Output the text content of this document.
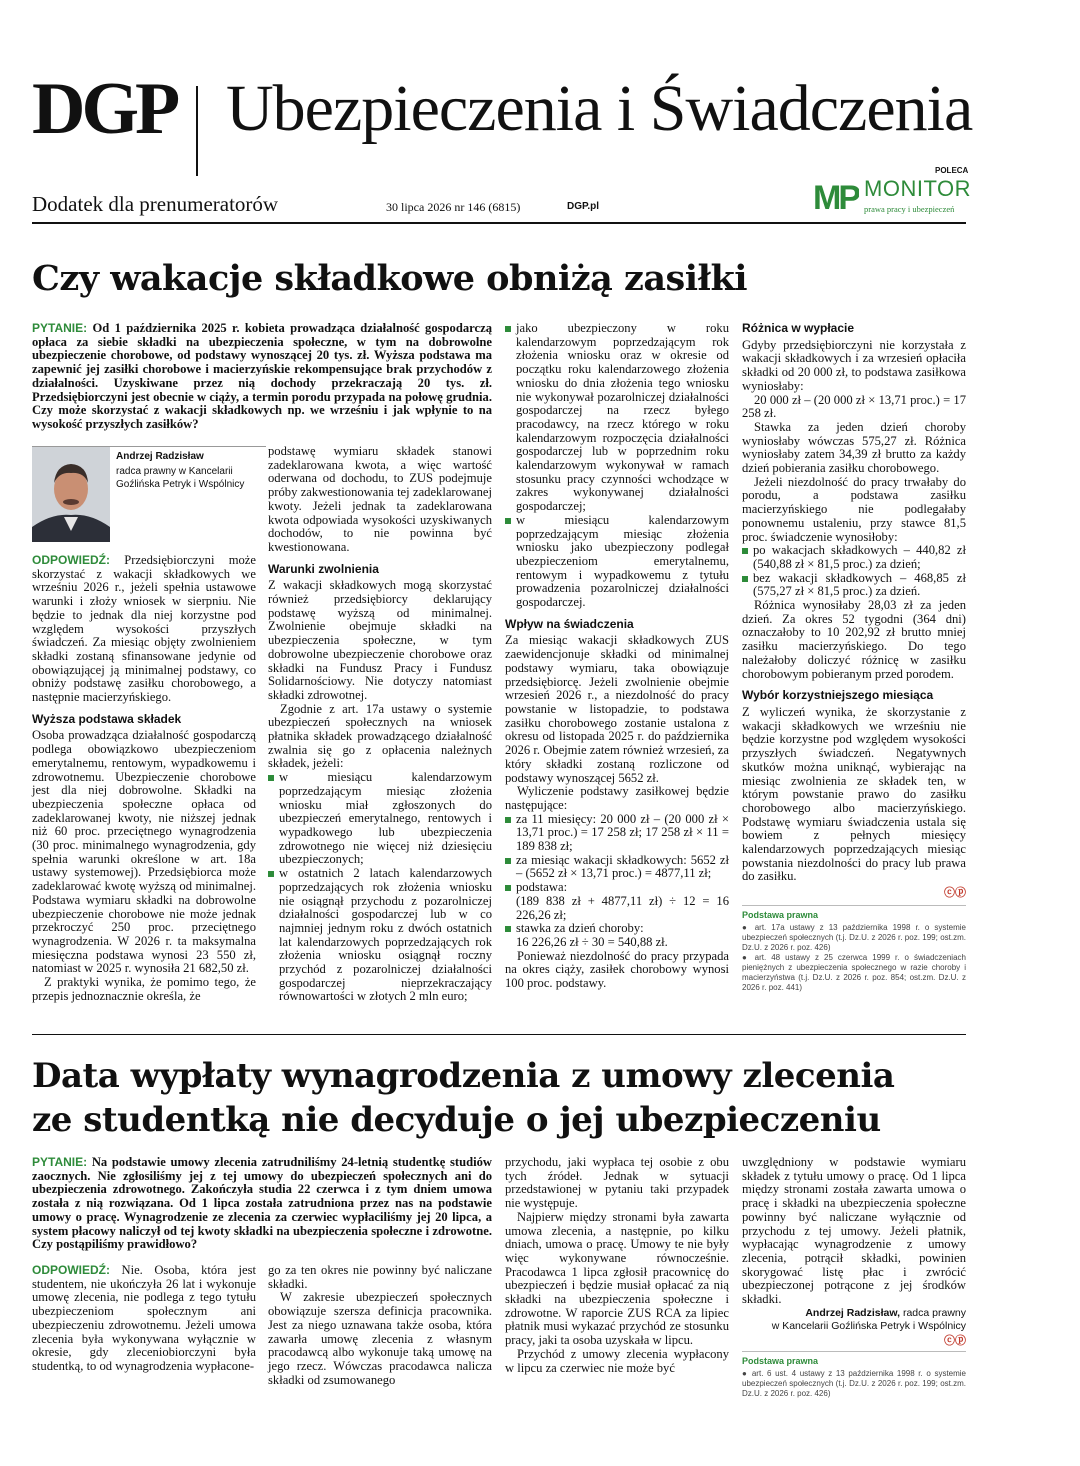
DGP Ubezpieczenia i Świadczenia
Dodatek dla prenumeratorów	30 lipca 2026 nr 146 (6815)	DGP.pl
POLECA
MP MONITOR
prawa pracy i ubezpieczeń
Czy wakacje składkowe obniżą zasiłki

PYTANIE: Od 1 października 2025 r. kobieta prowadząca działalność gospodarczą opłaca za siebie składki na ubezpieczenia społeczne, w tym na dobrowolne ubezpieczenie chorobowe, od podstawy wynoszącej 20 tys. zł. Wyższa podstawa ma zapewnić jej zasiłki chorobowe i macierzyńskie rekompensujące brak przychodów z działalności. Uzyskiwane przez nią dochody przekraczają 20 tys. zł. Przedsiębiorczyni jest obecnie w ciąży, a termin porodu przypada na połowę grudnia. Czy może skorzystać z wakacji składkowych np. we wrześniu i jak wpłynie to na wysokość przyszłych zasiłków?

Andrzej Radzisław
radca prawny w Kancelarii Goźlińska Petryk i Wspólnicy

ODPOWIEDŹ: Przedsiębiorczyni może skorzystać z wakacji składkowych we wrześniu 2026 r., jeżeli spełnia ustawowe warunki i złoży wniosek w sierpniu. Nie będzie to jednak dla niej korzystne pod względem wysokości przyszłych świadczeń. Za miesiąc objęty zwolnieniem składki zostaną sfinansowane jedynie od obowiązującej ją minimalnej podstawy, co obniży podstawę zasiłku chorobowego, a następnie macierzyńskiego.

Wyższa podstawa składek

Osoba prowadząca działalność gospodarczą podlega obowiązkowo ubezpieczeniom emerytalnemu, rentowym, wypadkowemu i zdrowotnemu. Ubezpieczenie chorobowe jest dla niej dobrowolne. Składki na ubezpieczenia społeczne opłaca od zadeklarowanej kwoty, nie niższej jednak niż 60 proc. przeciętnego wynagrodzenia (30 proc. minimalnego wynagrodzenia, gdy spełnia warunki określone w art. 18a ustawy systemowej). Przedsiębiorca może zadeklarować kwotę wyższą od minimalnej. Podstawa wymiaru składki na dobrowolne ubezpieczenie chorobowe nie może jednak przekroczyć 250 proc. przeciętnego wynagrodzenia. W 2026 r. ta maksymalna miesięczna podstawa wynosi 23 550 zł, natomiast w 2025 r. wynosiła 21 682,50 zł.

Z praktyki wynika, że pomimo tego, że przepis jednoznacznie określa, że

podstawę wymiaru składek stanowi zadeklarowana kwota, a więc wartość oderwana od dochodu, to ZUS podejmuje próby zakwestionowania tej zadeklarowanej kwoty. Jeżeli jednak ta zadeklarowana kwota odpowiada wysokości uzyskiwanych dochodów, to nie powinna być kwestionowana.

Warunki zwolnienia

Z wakacji składkowych mogą skorzystać również przedsiębiorcy deklarujący podstawę wyższą od minimalnej. Zwolnienie obejmuje składki na ubezpieczenia społeczne, w tym dobrowolne ubezpieczenie chorobowe oraz składki na Fundusz Pracy i Fundusz Solidarnościowy. Nie dotyczy natomiast składki zdrowotnej.

Zgodnie z art. 17a ustawy o systemie ubezpieczeń społecznych na wniosek płatnika składek prowadzącego działalność zwalnia się go z opłacenia należnych składek, jeżeli:

w miesiącu kalendarzowym poprzedzającym miesiąc złożenia wniosku miał zgłoszonych do ubezpieczeń emerytalnego, rentowych i wypadkowego lub ubezpieczenia zdrowotnego nie więcej niż dziesięciu ubezpieczonych;

w ostatnich 2 latach kalendarzowych poprzedzających rok złożenia wniosku nie osiągnął przychodu z pozarolniczej działalności gospodarczej lub w co najmniej jednym roku z dwóch ostatnich lat kalendarzowych poprzedzających rok złożenia wniosku osiągnął roczny przychód z pozarolniczej działalności gospodarczej nieprzekraczający równowartości w złotych 2 mln euro;

jako ubezpieczony w roku kalendarzowym poprzedzającym rok złożenia wniosku oraz w okresie od początku roku kalendarzowego złożenia wniosku do dnia złożenia tego wniosku nie wykonywał pozarolniczej działalności gospodarczej na rzecz byłego pracodawcy, na rzecz którego w roku kalendarzowym rozpoczęcia działalności gospodarczej lub w poprzednim roku kalendarzowym wykonywał w ramach stosunku pracy czynności wchodzące w zakres wykonywanej działalności gospodarczej;

w miesiącu kalendarzowym poprzedzającym miesiąc złożenia wniosku jako ubezpieczony podlegał ubezpieczeniom emerytalnemu, rentowym i wypadkowemu z tytułu prowadzenia pozarolniczej działalności gospodarczej.

Wpływ na świadczenia

Za miesiąc wakacji składkowych ZUS zaewidencjonuje składki od minimalnej podstawy wymiaru, taka obowiązuje przedsiębiorcę. Jeżeli zwolnienie obejmie wrzesień 2026 r., a niezdolność do pracy powstanie w listopadzie, to podstawa zasiłku chorobowego zostanie ustalona z okresu od listopada 2025 r. do października 2026 r. Obejmie zatem również wrzesień, za który składki zostaną rozliczone od podstawy wynoszącej 5652 zł.

Wyliczenie podstawy zasiłkowej będzie następujące:

za 11 miesięcy: 20 000 zł – (20 000 zł × 13,71 proc.) = 17 258 zł; 17 258 zł × 11 = 189 838 zł;

za miesiąc wakacji składkowych: 5652 zł – (5652 zł × 13,71 proc.) = 4877,11 zł;

podstawa:

(189 838 zł + 4877,11 zł) ÷ 12 = 16 226,26 zł;

stawka za dzień choroby:

16 226,26 zł ÷ 30 = 540,88 zł.

Ponieważ niezdolność do pracy przypada na okres ciąży, zasiłek chorobowy wynosi 100 proc. podstawy.

Różnica w wypłacie

Gdyby przedsiębiorczyni nie korzystała z wakacji składkowych i za wrzesień opłaciła składki od 20 000 zł, to podstawa zasiłkowa wyniosłaby:

20 000 zł – (20 000 zł × 13,71 proc.) = 17 258 zł.

Stawka za jeden dzień choroby wyniosłaby wówczas 575,27 zł. Różnica wyniosłaby zatem 34,39 zł brutto za każdy dzień pobierania zasiłku chorobowego.

Jeżeli niezdolność do pracy trwałaby do porodu, a podstawa zasiłku macierzyńskiego nie podlegałaby ponownemu ustaleniu, przy stawce 81,5 proc. świadczenie wynosiłoby:

po wakacjach składkowych – 440,82 zł (540,88 zł × 81,5 proc.) za dzień;

bez wakacji składkowych – 468,85 zł (575,27 zł × 81,5 proc.) za dzień.

Różnica wynosiłaby 28,03 zł za jeden dzień. Za okres 52 tygodni (364 dni) oznaczałoby to 10 202,92 zł brutto mniej zasiłku macierzyńskiego. Do tego należałoby doliczyć różnicę w zasiłku chorobowym pobieranym przed porodem.

Wybór korzystniejszego miesiąca

Z wyliczeń wynika, że skorzystanie z wakacji składkowych we wrześniu nie będzie korzystne pod względem wysokości przyszłych świadczeń. Negatywnych skutków można uniknąć, wybierając na miesiąc zwolnienia ze składek ten, w którym powstanie prawo do zasiłku chorobowego albo macierzyńskiego. Podstawę wymiaru świadczenia ustala się bowiem z pełnych miesięcy kalendarzowych poprzedzających miesiąc powstania niezdolności do pracy lub prawa do zasiłku.

ⓒⓟ
Podstawa prawna
● art. 17a ustawy z 13 października 1998 r. o systemie ubezpieczeń społecznych (t.j. Dz.U. z 2026 r. poz. 199; ost.zm. Dz.U. z 2026 r. poz. 426)
● art. 48 ustawy z 25 czerwca 1999 r. o świadczeniach pieniężnych z ubezpieczenia społecznego w razie choroby i macierzyństwa (t.j. Dz.U. z 2026 r. poz. 854; ost.zm. Dz.U. z 2026 r. poz. 441)
Data wypłaty wynagrodzenia z umowy zlecenia
ze studentką nie decyduje o jej ubezpieczeniu

PYTANIE: Na podstawie umowy zlecenia zatrudniliśmy 24-letnią studentkę studiów zaocznych. Nie zgłosiliśmy jej z tej umowy do ubezpieczeń społecznych ani do ubezpieczenia zdrowotnego. Zakończyła studia 22 czerwca i z tym dniem umowa została z nią rozwiązana. Od 1 lipca została zatrudniona przez nas na podstawie umowy o pracę. Wynagrodzenie ze zlecenia za czerwiec wypłaciliśmy jej 20 lipca, a system płacowy naliczył od tej kwoty składki na ubezpieczenia społeczne i zdrowotne. Czy postąpiliśmy prawidłowo?

ODPOWIEDŹ: Nie. Osoba, która jest studentem, nie ukończyła 26 lat i wykonuje umowę zlecenia, nie podlega z tego tytułu ubezpieczeniom społecznym ani ubezpieczeniu zdrowotnemu. Jeżeli umowa zlecenia była wykonywana wyłącznie w okresie, gdy zleceniobiorczyni była studentką, to od wynagrodzenia wypłacone-

go za ten okres nie powinny być naliczane składki.

W zakresie ubezpieczeń społecznych obowiązuje szersza definicja pracownika. Jest za niego uznawana także osoba, która zawarła umowę zlecenia z własnym pracodawcą albo wykonuje taką umowę na jego rzecz. Wówczas pracodawca nalicza składki od zsumowanego

przychodu, jaki wypłaca tej osobie z obu tych źródeł. Jednak w sytuacji przedstawionej w pytaniu taki przypadek nie występuje.

Najpierw między stronami była zawarta umowa zlecenia, a następnie, po kilku dniach, umowa o pracę. Umowy te nie były więc wykonywane równocześnie. Pracodawca 1 lipca zgłosił pracownicę do ubezpieczeń i będzie musiał opłacać za nią składki na ubezpieczenia społeczne i zdrowotne. W raporcie ZUS RCA za lipiec płatnik musi wykazać przychód ze stosunku pracy, jaki ta osoba uzyskała w lipcu.

Przychód z umowy zlecenia wypłacony w lipcu za czerwiec nie może być

uwzględniony w podstawie wymiaru składek z tytułu umowy o pracę. Od 1 lipca między stronami została zawarta umowa o pracę i składki na ubezpieczenia społeczne powinny być naliczane wyłącznie od przychodu z tej umowy. Jeżeli płatnik, wypłacając wynagrodzenie z umowy zlecenia, potrącił składki, powinien skorygować listę płac i zwrócić ubezpieczonej potrącone z jej środków składki.

Andrzej Radzisław, radca prawny
w Kancelarii Goźlińska Petryk i Wspólnicy

ⓒⓟ
Podstawa prawna
● art. 6 ust. 4 ustawy z 13 października 1998 r. o systemie ubezpieczeń społecznych (t.j. Dz.U. z 2026 r. poz. 199; ost.zm. Dz.U. z 2026 r. poz. 426)
